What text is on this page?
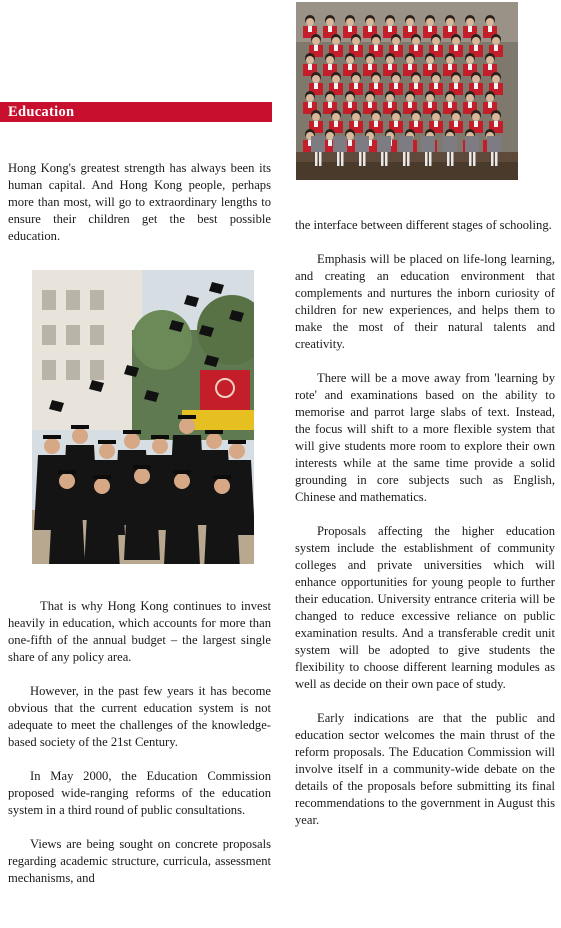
Education

Hong Kong's greatest strength has always been its human capital. And Hong Kong people, perhaps more than most, will go to extraordinary lengths to ensure their children get the best possible education.

That is why Hong Kong continues to invest heavily in education, which accounts for more than one-fifth of the annual budget – the largest single share of any policy area.

However, in the past few years it has become obvious that the current education system is not adequate to meet the challenges of the knowledge-based society of the 21st Century.

In May 2000, the Education Commission proposed wide-ranging reforms of the education system in a third round of public consultations.

Views are being sought on concrete proposals regarding academic structure, curricula, assessment mechanisms, and

the interface between different stages of schooling.

Emphasis will be placed on life-long learning, and creating an education environment that complements and nurtures the inborn curiosity of children for new experiences, and helps them to make the most of their natural talents and creativity.

There will be a move away from 'learning by rote' and examinations based on the ability to memorise and parrot large slabs of text. Instead, the focus will shift to a more flexible system that will give students more room to explore their own interests while at the same time provide a solid grounding in core subjects such as English, Chinese and mathematics.

Proposals affecting the higher education system include the establishment of community colleges and private universities which will enhance opportunities for young people to further their education. University entrance criteria will be changed to reduce excessive reliance on public examination results. And a transferable credit unit system will be adopted to give students the flexibility to choose different learning modules as well as decide on their own pace of study.

Early indications are that the public and education sector welcomes the main thrust of the reform proposals. The Education Commission will involve itself in a community-wide debate on the details of the proposals before submitting its final recommendations to the government in August this year.
